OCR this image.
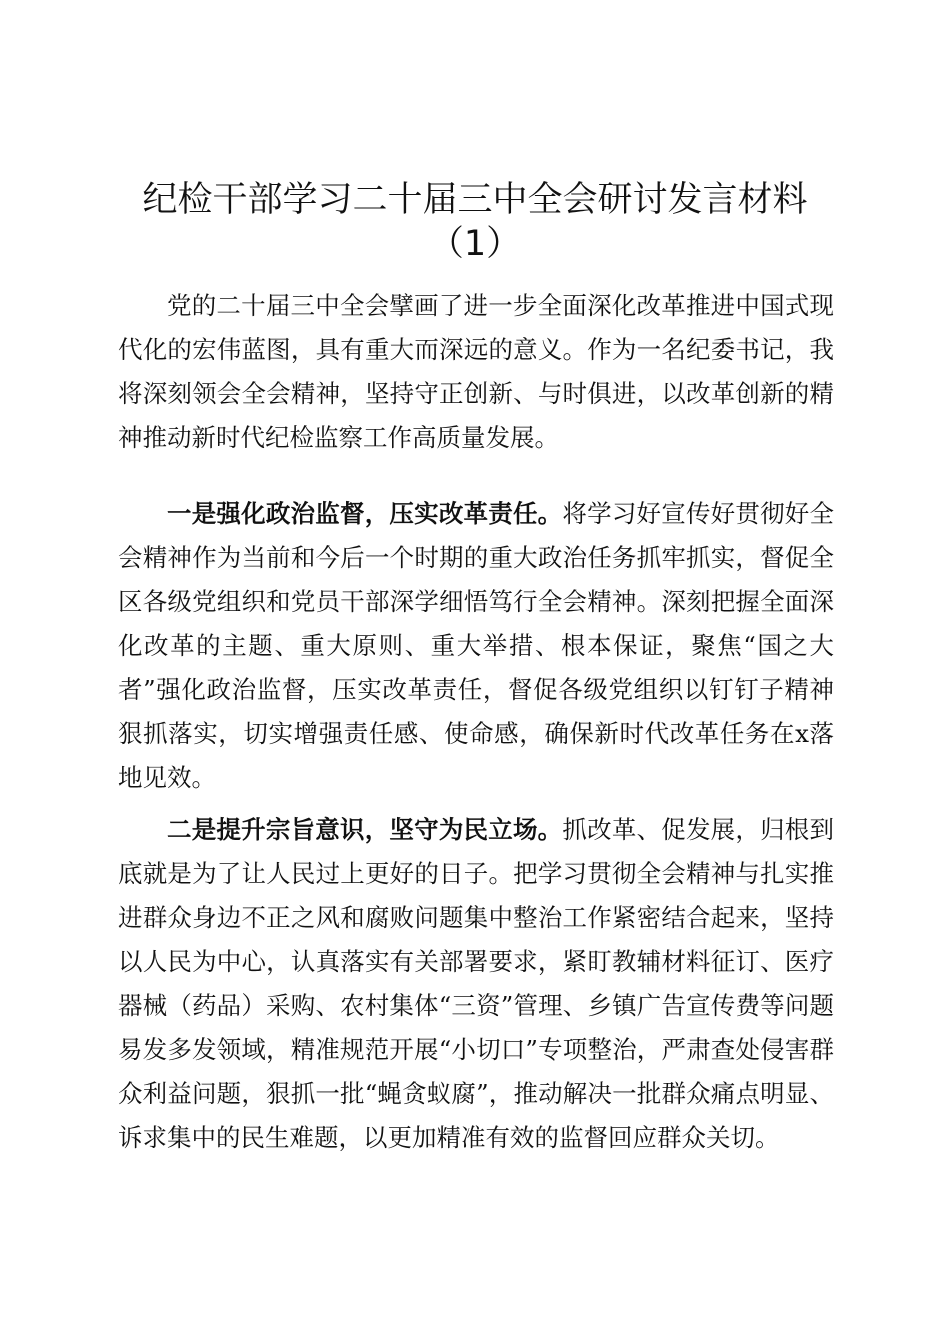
纪检干部学习二十届三中全会研讨发言材料
（1）

党的二十届三中全会擘画了进一步全面深化改革推进中国式现代化的宏伟蓝图，具有重大而深远的意义。作为一名纪委书记，我将深刻领会全会精神，坚持守正创新、与时俱进，以改革创新的精神推动新时代纪检监察工作高质量发展。

一是强化政治监督，压实改革责任。将学习好宣传好贯彻好全会精神作为当前和今后一个时期的重大政治任务抓牢抓实，督促全区各级党组织和党员干部深学细悟笃行全会精神。深刻把握全面深化改革的主题、重大原则、重大举措、根本保证，聚焦“国之大者”强化政治监督，压实改革责任，督促各级党组织以钉钉子精神狠抓落实，切实增强责任感、使命感，确保新时代改革任务在x落地见效。

二是提升宗旨意识，坚守为民立场。抓改革、促发展，归根到底就是为了让人民过上更好的日子。把学习贯彻全会精神与扎实推进群众身边不正之风和腐败问题集中整治工作紧密结合起来，坚持以人民为中心，认真落实有关部署要求，紧盯教辅材料征订、医疗器械（药品）采购、农村集体“三资”管理、乡镇广告宣传费等问题易发多发领域，精准规范开展“小切口”专项整治，严肃查处侵害群众利益问题，狠抓一批“蝇贪蚁腐”，推动解决一批群众痛点明显、诉求集中的民生难题，以更加精准有效的监督回应群众关切。
